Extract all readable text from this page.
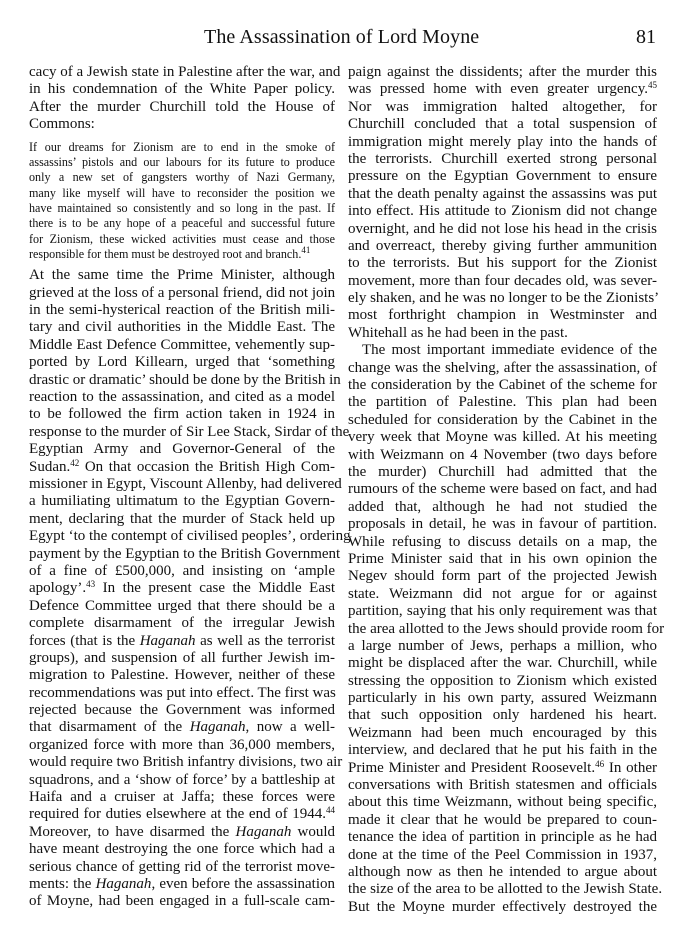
The Assassination of Lord Moyne	81
cacy of a Jewish state in Palestine after the war, and
in his condemnation of the White Paper policy.
After the murder Churchill told the House of
Commons:
If our dreams for Zionism are to end in the smoke of
assassins’ pistols and our labours for its future to produce
only a new set of gangsters worthy of Nazi Germany,
many like myself will have to reconsider the position we
have maintained so consistently and so long in the past. If
there is to be any hope of a peaceful and successful future
for Zionism, these wicked activities must cease and those
responsible for them must be destroyed root and branch.$^{41}$
At the same time the Prime Minister, although
grieved at the loss of a personal friend, did not join
in the semi-hysterical reaction of the British mili-
tary and civil authorities in the Middle East. The
Middle East Defence Committee, vehemently sup-
ported by Lord Killearn, urged that ‘something
drastic or dramatic’ should be done by the British in
reaction to the assassination, and cited as a model
to be followed the firm action taken in 1924 in
response to the murder of Sir Lee Stack, Sirdar of the
Egyptian Army and Governor-General of the
Sudan.$^{42}$ On that occasion the British High Com-
missioner in Egypt, Viscount Allenby, had delivered
a humiliating ultimatum to the Egyptian Govern-
ment, declaring that the murder of Stack held up
Egypt ‘to the contempt of civilised peoples’, ordering
payment by the Egyptian to the British Government
of a fine of £500,000, and insisting on ‘ample
apology’.$^{43}$ In the present case the Middle East
Defence Committee urged that there should be a
complete disarmament of the irregular Jewish
forces (that is the Haganah as well as the terrorist
groups), and suspension of all further Jewish im-
migration to Palestine. However, neither of these
recommendations was put into effect. The first was
rejected because the Government was informed
that disarmament of the Haganah, now a well-
organized force with more than 36,000 members,
would require two British infantry divisions, two air
squadrons, and a ‘show of force’ by a battleship at
Haifa and a cruiser at Jaffa; these forces were
required for duties elsewhere at the end of 1944.44
Moreover, to have disarmed the Haganah would
have meant destroying the one force which had a
serious chance of getting rid of the terrorist move-
ments: the Haganah, even before the assassination
of Moyne, had been engaged in a full-scale cam-
paign against the dissidents; after the murder this
was pressed home with even greater urgency.$^{45}$
Nor was immigration halted altogether, for
Churchill concluded that a total suspension of
immigration might merely play into the hands of
the terrorists. Churchill exerted strong personal
pressure on the Egyptian Government to ensure
that the death penalty against the assassins was put
into effect. His attitude to Zionism did not change
overnight, and he did not lose his head in the crisis
and overreact, thereby giving further ammunition
to the terrorists. But his support for the Zionist
movement, more than four decades old, was sever-
ely shaken, and he was no longer to be the Zionists’
most forthright champion in Westminster and
Whitehall as he had been in the past.
The most important immediate evidence of the
change was the shelving, after the assassination, of
the consideration by the Cabinet of the scheme for
the partition of Palestine. This plan had been
scheduled for consideration by the Cabinet in the
very week that Moyne was killed. At his meeting
with Weizmann on 4 November (two days before
the murder) Churchill had admitted that the
rumours of the scheme were based on fact, and had
added that, although he had not studied the
proposals in detail, he was in favour of partition.
While refusing to discuss details on a map, the
Prime Minister said that in his own opinion the
Negev should form part of the projected Jewish
state. Weizmann did not argue for or against
partition, saying that his only requirement was that
the area allotted to the Jews should provide room for
a large number of Jews, perhaps a million, who
might be displaced after the war. Churchill, while
stressing the opposition to Zionism which existed
particularly in his own party, assured Weizmann
that such opposition only hardened his heart.
Weizmann had been much encouraged by this
interview, and declared that he put his faith in the
Prime Minister and President Roosevelt.$^{46}$ In other
conversations with British statesmen and officials
about this time Weizmann, without being specific,
made it clear that he would be prepared to coun-
tenance the idea of partition in principle as he had
done at the time of the Peel Commission in 1937,
although now as then he intended to argue about
the size of the area to be allotted to the Jewish State.
But the Moyne murder effectively destroyed the
